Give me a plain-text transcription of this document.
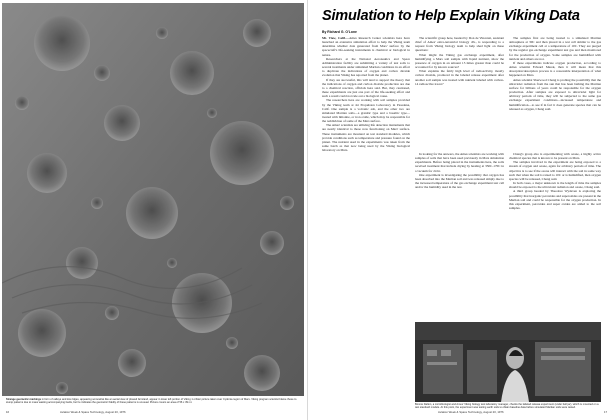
Strange geometric markings in form of valleys and low ridges, appearing somewhat like an aerial view of plowed farmland, appear in lower left portion of Viking 1 orbiter picture taken over Cydonia region of Mars. Viking program scientist blame these to stump patterns due to mass wasting accompanying faults, but he indicates the geometric fidelity of these patterns is unusual. Picture covers an area of 56 x 39 mi.
16	Aviation Week & Space Technology, August 20, 1976
Simulation to Help Explain Viking Data
By Richard G. O'Lone

Mt. View, Calif.—Ames Research Center scientists here have launched an extensive simulation effort to help the Viking team determine whether data generated from Mars' surface by the spacecraft's life-seeking instruments is chemical or biological in nature.

Researchers at the National Aeronautics and Space Administration facility are submitting a variety of test soils to several treatments under simulated Martian conditions in an effort to duplicate the indications of oxygen and carbon dioxide evolution that Viking has reported from the planet.

If they are successful, this will tend to support the theory that the indications of oxygen and carbon dioxide production are due to a chemical reaction, officials here said. But, they cautioned, these experiments are just one part of the life-seeking effort and such a result could not rule out a biological cause.

The researchers here are working with soil samples provided by the Viking team at Jet Propulsion Laboratory in Pasadena, Calif. One sample is a volcanic ash, and the other two are simulated Martian soils—a granitic type and a basaltic type—treated with limonite, or iron oxide, which may be responsible for the reddish hue of some of the Mars surface.

The Ames' scientists are utilizing life detection instruments that are nearly identical to those now functioning on Mars' surface. These instruments are mounted on test standard modules, which provide conditions such as temperature and pressure found on the planet. The nutrient used in the experiments was taken from the same batch as that now being used by the Viking biological laboratory on Mars.

The scientific group here, headed by Don de Vincenzi, assistant chief of Ames' extra-terrestrial biology div., is responding to a request from Viking biology team to help shed light on these questions:

What might the Viking gas exchange experiment, after humidifying a Mars soil sample with liquid nutrient, show the presence of oxygen in an amount 15 times greater than could be accounted for by known sources?

What explains the fairly high level of radioactivity, mostly carbon dioxide, produced in the labeled release experiment after another soil sample was treated with nutrient labeled with carbon-14 radioactive tracer?

In looking for the answers, the Ames scientists are working with samples of soils that have been used previously in Mars simulation experiments. Before being placed in the instruments here, the soils received treatment that include drying by heating at 350C-170C in a vacuum for 24 hr.

One experiment is investigating the possibility that oxygen has been absorbed into the Martian soil and was released simply due to the increased temperature of the gas exchange experiment test cell and/or the humidity used in the test.

The samples first are being treated to a simulated Martian atmosphere at 30C and then placed in a test cell similar to the gas exchange experiment cell at a temperature of 10C. They are purged by the regular gas exchange experiment test gas and then monitored for the production of oxygen. Some samples are humidified with nutrient and others are not.

If these experiments indicate oxygen production, according to Ames scientist Edward Merek, then it will mean that this absorption/desorption process is a reasonable interpretation of what happened on Mars.

Ames scientist Sherwood Chang is probing the possibility that the ultraviolet radiation from the sun that has been bathing the Martian surface for billions of years could be responsible for the oxygen production. After samples are exposed to ultraviolet light for arbitrary periods of time, they will be subjected to the same gas exchange experiment conditions—increased temperature and humidification—to see if in fact it does generate species that can be released as oxygen, Chang said.

Chang's group also is experimenting with ozone, a highly active chemical species that is known to be present on Mars.

The samples involved in the experiment are being exposed to a stream of oxygen and ozone, again for arbitrary periods of time. The objective is to see if the ozone will interact with the soil in some way such that when the soil is raised to 10C or is humidified, then oxygen species will be released, Chang said.

In both cases, a major unknown is the length of time the samples should be exposed to the ultraviolet radiation and ozone, Chang said.

A third group headed by Theodore Wydeven is exploring the possibility that inorganic peroxides and superoxides are present in the Martian soil and could be responsible for the oxygen production. In this experiment, peroxides and super oxides are added to the soil samples.

Bonnie Dalton, a microbiologist and Ames' Viking biology test laboratory manager, checks the labeled release experiment (under bell jar), which is mounted on a test standard module. At this point, the experiment was testing earth soils to obtain baseline data before simulated Martian soils were tested.
Aviation Week & Space Technology, August 20, 1976	17
